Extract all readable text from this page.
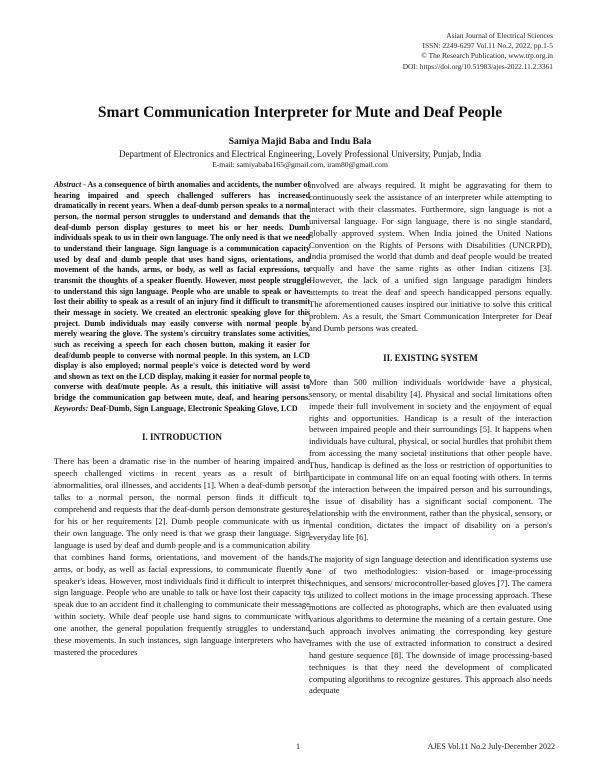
Asian Journal of Electrical Sciences
ISSN: 2249-6297 Vol.11 No.2, 2022, pp.1-5
© The Research Publication, www.trp.org.in
DOI: https://doi.org/10.51983/ajes-2022.11.2.3361
Smart Communication Interpreter for Mute and Deaf People
Samiya Majid Baba and Indu Bala
Department of Electronics and Electrical Engineering, Lovely Professional University, Punjab, India
E-mail: samiyababa165@gmail.com, iram80@gmail.com

Abstract - As a consequence of birth anomalies and accidents, the number of hearing impaired and speech challenged sufferers has increased dramatically in recent years. When a deaf-dumb person speaks to a normal person, the normal person struggles to understand and demands that the deaf-dumb person display gestures to meet his or her needs. Dumb individuals speak to us in their own language. The only need is that we need to understand their language. Sign language is a communication capacity used by deaf and dumb people that uses hand signs, orientations, and movement of the hands, arms, or body, as well as facial expressions, to transmit the thoughts of a speaker fluently. However, most people struggle to understand this sign language. People who are unable to speak or have lost their ability to speak as a result of an injury find it difficult to transmit their message in society. We created an electronic speaking glove for this project. Dumb individuals may easily converse with normal people by merely wearing the glove. The system's circuitry translates some activities, such as receiving a speech for each chosen button, making it easier for deaf/dumb people to converse with normal people. In this system, an LCD display is also employed; normal people's voice is detected word by word and shown as text on the LCD display, making it easier for normal people to converse with deaf/mute people. As a result, this initiative will assist to bridge the communication gap between mute, deaf, and hearing persons. Keywords: Deaf-Dumb, Sign Language, Electronic Speaking Glove, LCD

I. INTRODUCTION

There has been a dramatic rise in the number of hearing impaired and speech challenged victims in recent years as a result of birth abnormalities, oral illnesses, and accidents [1]. When a deaf-dumb person talks to a normal person, the normal person finds it difficult to comprehend and requests that the deaf-dumb person demonstrate gestures for his or her requirements [2]. Dumb people communicate with us in their own language. The only need is that we grasp their language. Sign language is used by deaf and dumb people and is a communication ability that combines hand forms, orientations, and movement of the hands, arms, or body, as well as facial expressions, to communicate fluently a speaker's ideas. However, most individuals find it difficult to interpret this sign language. People who are unable to talk or have lost their capacity to speak due to an accident find it challenging to communicate their message within society. While deaf people use hand signs to communicate with one another, the general population frequently struggles to understand these movements. In such instances, sign language interpreters who have mastered the procedures

involved are always required. It might be aggravating for them to continuously seek the assistance of an interpreter while attempting to interact with their classmates. Furthermore, sign language is not a universal language. For sign language, there is no single standard, globally approved system. When India joined the United Nations Convention on the Rights of Persons with Disabilities (UNCRPD), India promised the world that dumb and deaf people would be treated equally and have the same rights as other Indian citizens [3]. However, the lack of a unified sign language paradigm hinders attempts to treat the deaf and speech handicapped persons equally. The aforementioned causes inspired our initiative to solve this critical problem. As a result, the Smart Communication Interpreter for Deaf and Dumb persons was created.

II. EXISTING SYSTEM

More than 500 million individuals worldwide have a physical, sensory, or mental disability [4]. Physical and social limitations often impede their full involvement in society and the enjoyment of equal rights and opportunities. Handicap is a result of the interaction between impaired people and their surroundings [5]. It happens when individuals have cultural, physical, or social hurdles that prohibit them from accessing the many societal institutions that other people have. Thus, handicap is defined as the loss or restriction of opportunities to participate in communal life on an equal footing with others. In terms of the interaction between the impaired person and his surroundings, the issue of disability has a significant social component. The relationship with the environment, rather than the physical, sensory, or mental condition, dictates the impact of disability on a person's everyday life [6].

The majority of sign language detection and identification systems use one of two methodologies: vision-based or image-processing techniques, and sensors/ microcontroller-based gloves [7]. The camera is utilized to collect motions in the image processing approach. These motions are collected as photographs, which are then evaluated using various algorithms to determine the meaning of a certain gesture. One such approach involves animating the corresponding key gesture frames with the use of extracted information to construct a desired hand gesture sequence [8]. The downside of image processing-based techniques is that they need the development of complicated computing algorithms to recognize gestures. This approach also needs adequate

1	AJES Vol.11 No.2 July-December 2022
